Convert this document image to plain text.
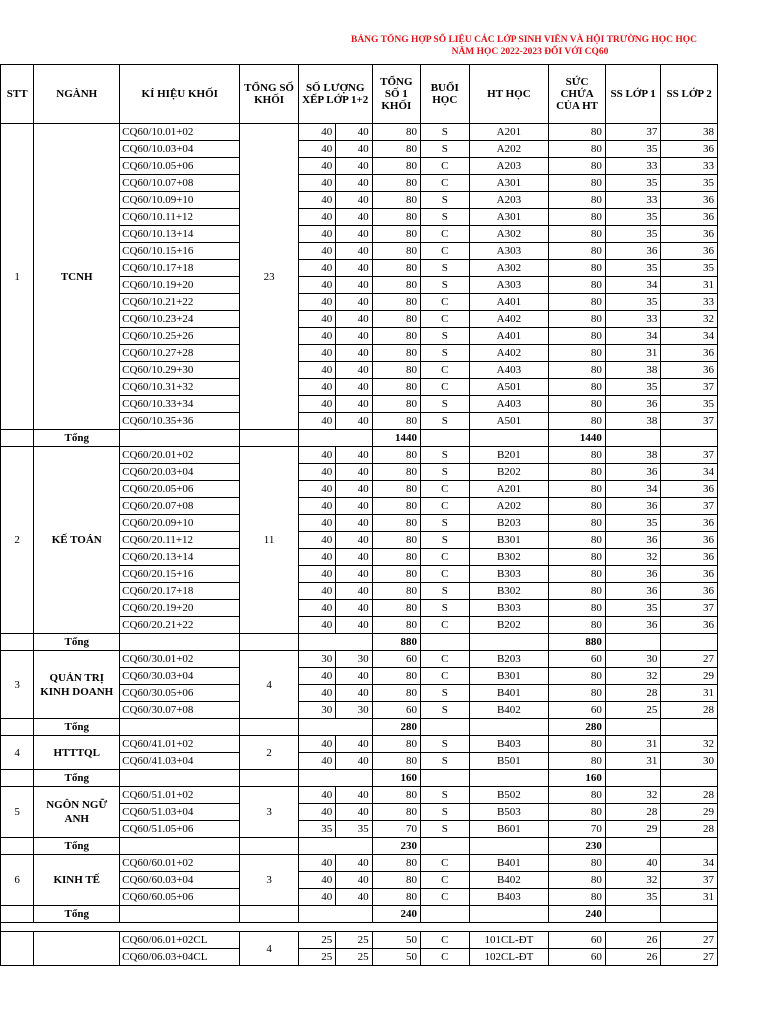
BẢNG TỔNG HỢP SỐ LIỆU CÁC LỚP SINH VIÊN VÀ HỘI TRƯỜNG HỌC HỌC
NĂM HỌC 2022-2023 ĐỐI VỚI CQ60
STT	NGÀNH	KÍ HIỆU KHỐI	TỔNG SỐ KHỐI	SỐ LƯỢNG XẾP LỚP 1+2		TỔNG SỐ 1 KHỐI	BUỔI HỌC	HT HỌC	SỨC CHỨA CỦA HT	SS LỚP 1	SS LỚP 2
1	TCNH	CQ60/10.01+02	23	40	40	80	S	A201	80	37	38
		CQ60/10.03+04		40	40	80	S	A202	80	35	36
		CQ60/10.05+06		40	40	80	C	A203	80	33	33
		CQ60/10.07+08		40	40	80	C	A301	80	35	35
		CQ60/10.09+10		40	40	80	S	A203	80	33	36
		CQ60/10.11+12		40	40	80	S	A301	80	35	36
		CQ60/10.13+14		40	40	80	C	A302	80	35	36
		CQ60/10.15+16		40	40	80	C	A303	80	36	36
		CQ60/10.17+18		40	40	80	S	A302	80	35	35
		CQ60/10.19+20		40	40	80	S	A303	80	34	31
		CQ60/10.21+22		40	40	80	C	A401	80	35	33
		CQ60/10.23+24		40	40	80	C	A402	80	33	32
		CQ60/10.25+26		40	40	80	S	A401	80	34	34
		CQ60/10.27+28		40	40	80	S	A402	80	31	36
		CQ60/10.29+30		40	40	80	C	A403	80	38	36
		CQ60/10.31+32		40	40	80	C	A501	80	35	37
		CQ60/10.33+34		40	40	80	S	A403	80	36	35
		CQ60/10.35+36		40	40	80	S	A501	80	38	37
	Tổng					1440			1440		
2	KẾ TOÁN	CQ60/20.01+02	11	40	40	80	S	B201	80	38	37
		CQ60/20.03+04		40	40	80	S	B202	80	36	34
		CQ60/20.05+06		40	40	80	C	A201	80	34	36
		CQ60/20.07+08		40	40	80	C	A202	80	36	37
		CQ60/20.09+10		40	40	80	S	B203	80	35	36
		CQ60/20.11+12		40	40	80	S	B301	80	36	36
		CQ60/20.13+14		40	40	80	C	B302	80	32	36
		CQ60/20.15+16		40	40	80	C	B303	80	36	36
		CQ60/20.17+18		40	40	80	S	B302	80	36	36
		CQ60/20.19+20		40	40	80	S	B303	80	35	37
		CQ60/20.21+22		40	40	80	C	B202	80	36	36
	Tổng					880			880		
3	QUẢN TRỊ KINH DOANH	CQ60/30.01+02	4	30	30	60	C	B203	60	30	27
		CQ60/30.03+04		40	40	80	C	B301	80	32	29
		CQ60/30.05+06		40	40	80	S	B401	80	28	31
		CQ60/30.07+08		30	30	60	S	B402	60	25	28
	Tổng					280			280		
4	HTTTQL	CQ60/41.01+02	2	40	40	80	S	B403	80	31	32
		CQ60/41.03+04		40	40	80	S	B501	80	31	30
	Tổng					160			160		
5	NGÔN NGỮ ANH	CQ60/51.01+02	3	40	40	80	S	B502	80	32	28
		CQ60/51.03+04		40	40	80	S	B503	80	28	29
		CQ60/51.05+06		35	35	70	S	B601	70	29	28
	Tổng					230			230		
6	KINH TẾ	CQ60/60.01+02	3	40	40	80	C	B401	80	40	34
		CQ60/60.03+04		40	40	80	C	B402	80	32	37
		CQ60/60.05+06		40	40	80	C	B403	80	35	31
	Tổng					240			240		

		CQ60/06.01+02CL	4	25	25	50	C	101CL-ĐT	60	26	27
		CQ60/06.03+04CL		25	25	50	C	102CL-ĐT	60	26	27
